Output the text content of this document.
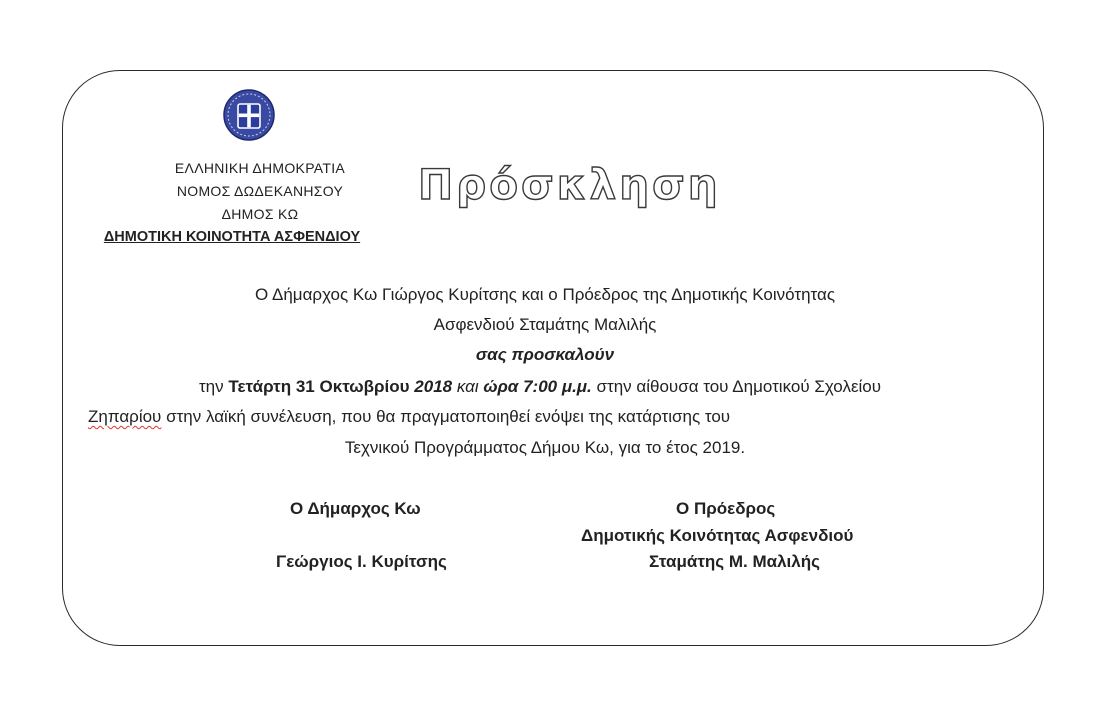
ΕΛΛΗΝΙΚΗ ΔΗΜΟΚΡΑΤΙΑ
ΝΟΜΟΣ ΔΩΔΕΚΑΝΗΣΟΥ
ΔΗΜΟΣ ΚΩ
ΔΗΜΟΤΙΚΗ ΚΟΙΝΟΤΗΤΑ ΑΣΦΕΝΔΙΟΥ
Πρόσκληση
Ο Δήμαρχος Κω Γιώργος Κυρίτσης και ο Πρόεδρος της Δημοτικής Κοινότητας
Ασφενδιού Σταμάτης Μαλιλής
σας προσκαλούν
την Τετάρτη 31 Οκτωβρίου 2018 και ώρα 7:00 μ.μ. στην αίθουσα του Δημοτικού Σχολείου
Ζηπαρίου στην λαϊκή συνέλευση, που θα πραγματοποιηθεί ενόψει της κατάρτισης του
Τεχνικού Προγράμματος Δήμου Κω, για το έτος 2019.
Ο Δήμαρχος Κω
Γεώργιος Ι. Κυρίτσης
Ο Πρόεδρος
Δημοτικής Κοινότητας Ασφενδιού
Σταμάτης Μ. Μαλιλής
